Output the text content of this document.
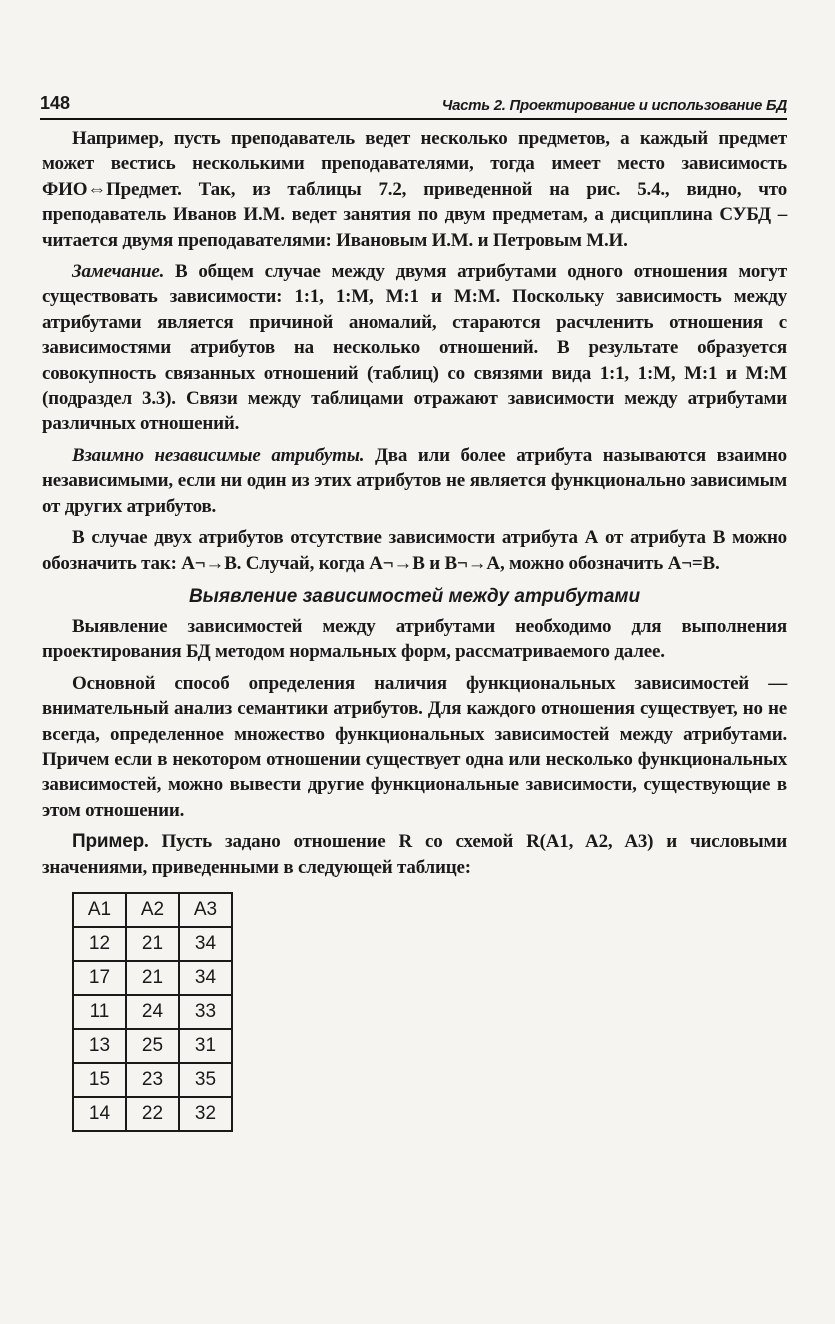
148	Часть 2. Проектирование и использование БД

Например, пусть преподаватель ведет несколько предметов, а каждый предмет может вестись несколькими преподавателями, тогда имеет место зависимость ФИО⇔Предмет. Так, из таблицы 7.2, приведенной на рис. 5.4., видно, что преподаватель Иванов И.М. ведет занятия по двум предметам, а дисциплина СУБД – читается двумя преподавателями: Ивановым И.М. и Петровым М.И.

Замечание. В общем случае между двумя атрибутами одного отношения могут существовать зависимости: 1:1, 1:М, М:1 и М:М. Поскольку зависимость между атрибутами является причиной аномалий, стараются расчленить отношения с зависимостями атрибутов на несколько отношений. В результате образуется совокупность связанных отношений (таблиц) со связями вида 1:1, 1:М, М:1 и М:М (подраздел 3.3). Связи между таблицами отражают зависимости между атрибутами различных отношений.

Взаимно независимые атрибуты. Два или более атрибута называются взаимно независимыми, если ни один из этих атрибутов не является функционально зависимым от других атрибутов.

В случае двух атрибутов отсутствие зависимости атрибута А от атрибута В можно обозначить так: А¬→В. Случай, когда А¬→В и В¬→А, можно обозначить А¬=В.

Выявление зависимостей между атрибутами

Выявление зависимостей между атрибутами необходимо для выполнения проектирования БД методом нормальных форм, рассматриваемого далее.

Основной способ определения наличия функциональных зависимостей — внимательный анализ семантики атрибутов. Для каждого отношения существует, но не всегда, определенное множество функциональных зависимостей между атрибутами. Причем если в некотором отношении существует одна или несколько функциональных зависимостей, можно вывести другие функциональные зависимости, существующие в этом отношении.

Пример. Пусть задано отношение R со схемой R(A1, A2, A3) и числовыми значениями, приведенными в следующей таблице:

A1	A2	A3
12	21	34
17	21	34
11	24	33
13	25	31
15	23	35
14	22	32
